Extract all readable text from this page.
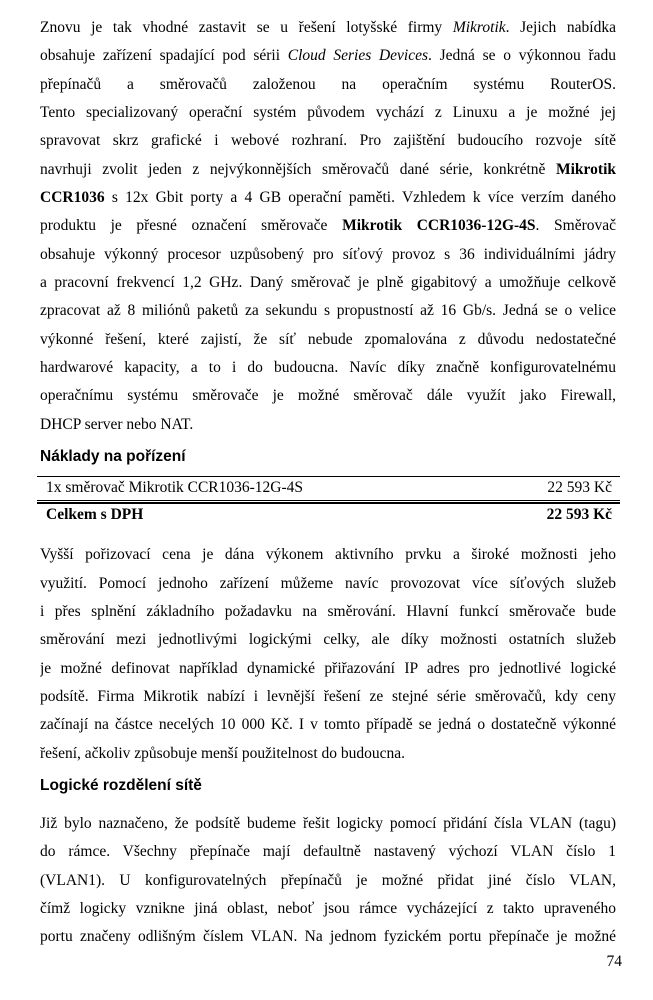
Znovu je tak vhodné zastavit se u řešení lotyšské firmy Mikrotik. Jejich nabídka
obsahuje zařízení spadající pod sérii Cloud Series Devices. Jedná se o výkonnou řadu
přepínačů a směrovačů založenou na operačním systému RouterOS.
Tento specializovaný operační systém původem vychází z Linuxu a je možné jej
spravovat skrz grafické i webové rozhraní. Pro zajištění budoucího rozvoje sítě
navrhuji zvolit jeden z nejvýkonnějších směrovačů dané série, konkrétně Mikrotik
CCR1036 s 12x Gbit porty a 4 GB operační paměti. Vzhledem k více verzím daného
produktu je přesné označení směrovače Mikrotik CCR1036-12G-4S. Směrovač
obsahuje výkonný procesor uzpůsobený pro síťový provoz s 36 individuálními jádry
a pracovní frekvencí 1,2 GHz. Daný směrovač je plně gigabitový a umožňuje celkově
zpracovat až 8 miliónů paketů za sekundu s propustností až 16 Gb/s. Jedná se o velice
výkonné řešení, které zajistí, že síť nebude zpomalována z důvodu nedostatečné
hardwarové kapacity, a to i do budoucna. Navíc díky značně konfigurovatelnému
operačnímu systému směrovače je možné směrovač dále využít jako Firewall,
DHCP server nebo NAT.
Náklady na pořízení
1x směrovač Mikrotik CCR1036-12G-4S	22 593 Kč
Celkem s DPH	22 593 Kč
Vyšší pořizovací cena je dána výkonem aktivního prvku a široké možnosti jeho
využití. Pomocí jednoho zařízení můžeme navíc provozovat více síťových služeb
i přes splnění základního požadavku na směrování. Hlavní funkcí směrovače bude
směrování mezi jednotlivými logickými celky, ale díky možnosti ostatních služeb
je možné definovat například dynamické přiřazování IP adres pro jednotlivé logické
podsítě. Firma Mikrotik nabízí i levnější řešení ze stejné série směrovačů, kdy ceny
začínají na částce necelých 10 000 Kč. I v tomto případě se jedná o dostatečně výkonné
řešení, ačkoliv způsobuje menší použitelnost do budoucna.
Logické rozdělení sítě
Již bylo naznačeno, že podsítě budeme řešit logicky pomocí přidání čísla VLAN (tagu)
do rámce. Všechny přepínače mají defaultně nastavený výchozí VLAN číslo 1
(VLAN1). U konfigurovatelných přepínačů je možné přidat jiné číslo VLAN,
čímž logicky vznikne jiná oblast, neboť jsou rámce vycházející z takto upraveného
portu značeny odlišným číslem VLAN. Na jednom fyzickém portu přepínače je možné
74
